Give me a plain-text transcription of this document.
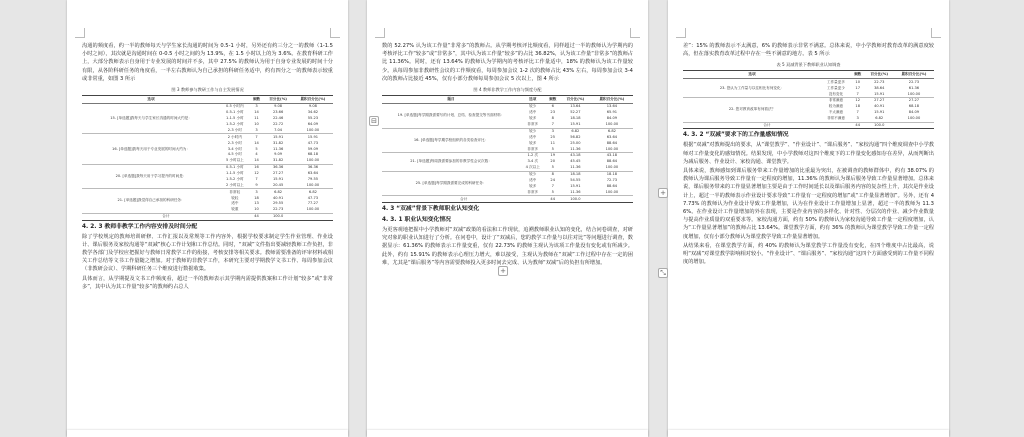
沟通的频度看，约一半的教师每天与学生家长沟通的时间为 0.5-1 小时，另外还有约三分之一的教师（1-1.5 小时之间），其次就是沟通时间在 0-0.5 小时之间的为 13.9%，在 1.5 小时以上的为 3.6%。在教育科研工作上，大部分教师表示自身用于专业发展的时间并不多，其中 27.5% 的教师认为用于自身专业发展的时间十分有限，从各阶科研任务的角度看，一半左右教师认为自己承担的科研任务适中，约有四分之一的教师表示较重或非常重，如图 3 所示

图 3 教师参与教研工作与自主发展情况
选项		频数	百分比(%)	累积百分比(%)
15. [单选题]我每天与学生家长沟通的时间大约是：	0.5 小时内	3	9.08	9.08
	0.5-1 小时	14	23.66	34.62
	1-1.5 小时	11	22.46	55.23
	1.5-2 小时	10	22.72	64.09
	2-3 小时	3	7.04	100.00
16. [单选题]我每天用于专业发展的时间大约为：	2 小时内	7	15.91	15.91
	2-3 小时	14	31.82	47.73
	3-4 小时	5	11.36	59.09
	4-5 小时	4	9.09	68.18
	5 小时以上	14	31.82	100.00
20. [单选题]我每天用于学习提升的时间是：	0.5-1 小时	16	36.36	36.36
	1-1.5 小时	12	27.27	63.64
	1.5-2 小时	7	15.91	79.55
	2 小时以上	9	20.45	100.00
21. [单选题]我觉得自己承担的科研任务：	非常轻	3	6.82	6.82
	较轻	18	40.91	47.73
	适中	13	29.55	77.27
	较重	10	22.73	100.00
合计		44	100.0	
4. 2. 3 教师非教学工作内容安排及时间分配

除了学校规定的教师培训研修、工作汇报以及常规等工作内容外，根据学校要求制定学生作业管理、作业设计、课后服务及家校沟通等“双减”核心工作计划和工作总结。同时，“双减”文件指出要减轻教师工作负担，非教学各部门及学校应把握好与教师日常教学工作的衔接，考核安排等相关要求。教师需要准备的评审材料或相关工作总结等文书工作量随之增加。对于教师的非教学工作，本研究主要对学期教学文书工作、每周参加会议（非教研会议）、学期科研任务三个维度进行数据收集。

具体而言，从学期提及文书工作频度看，超过一半的教师表示其学期内需提供教案和工作计划“较多”或“非常多”，其中认为其工作量“较多”的教师约占总人

数的 52.27% 认为该工作量“非常多”的教师占。从学期考核评比频度看，同样超过一半的教师认为学期内的考核评比工作“较多”或“非常多”，其中认为该工作量“较多”的占比 36.82%，认为该工作量“非常多”的教师占比 11.36%。同时，还有 13.64% 的教师认为学期内的考核评比工作量适中，18% 的教师认为该工作量较少。从每周参加非教研性会议的工作频度看，每周参加会议 1-2 次的教师占比 43% 左右，每周参加会议 3-4 次的教师占比接近 45%，仅有小部分教师每周参加会议 5 次以上，图 4 所示

图 4 教师非教学工作内容与频度分配
题目	选项	频数	百分比(%)	累积百分比(%)
19. [单选题]每学期我需要写的计划、总结、检查提交等书面材料：	较少	6	13.64	13.64
	适中	23	52.27	65.91
	较多	8	18.18	84.09
	非常多	7	15.91	100.00
16. [单选题]每学期学校组织的各类检查评比：	较少	3	6.82	6.82
	适中	25	56.82	63.64
	较多	11	25.00	88.64
	非常多	5	11.36	100.00
21. [单选题]每周我需要参加的非教学性会议次数：	1-2 次	19	43.18	43.18
	3-4 次	20	45.45	88.64
	4 次以上	5	11.36	100.00
25. [单选题]每学期我需要完成的科研任务：	较少	8	18.18	18.18
	适中	24	54.55	72.73
	较多	7	15.91	88.64
	非常多	5	11.36	100.00
合计		44	100.0	
4. 3 “双减”背景下教师职业认知变化
4. 3. 1 职业认知变化情况

为更客观地把握中小学教师对“双减”政策的看法和工作现状，追溯教师职业认知的变化，结合问卷调查，对研究对象的职业认知进行了分析。在问卷中，设计了“双减后，您的教学工作量与以往对比”等问题进行调查，数据显示：61.36% 的教师表示工作量变重，仅有 22.73% 的教师主观认为该项工作量没有变化或有所减少。此外，约有 15.91% 的教师表示心理压力增大，难以接受，主观认为教师在“双减”工作过程中存在一定的困难，尤其是“课后服务”等内容需要教师投入更多时间去完成、认为教师“双减”后的负担有所增加。

差”：15% 的教师表示不太满意，6% 的教师表示非常不满意。总体来说，中小学教师对教育改革的满意度较高，但在落实教育改革过程中存在一些不满意的地方。表 5 所示

表 5 双减背景下教师职业认知调查
选项		频数	百分比(%)	累积百分比(%)
23. 您认为工作量与以往相比有何变化：	工作量更多	10	22.73	22.73
	工作量更少	17	38.64	61.36
	没有变化	7	15.91	100.00
22. 您对教育改革有何看法？	非常满意	12	27.27	27.27
	较为满意	18	40.91	68.18
	不太满意	7	15.91	84.09
	非常不满意	3	6.82	100.00
合计		44	100.0	
4. 3. 2 “双减”要求下的工作量感知情况

根据“双减”对教师提出的要求，从“课堂教学”、“作业设计”、“课后服务”、“家校沟通”四个维度调查中小学教师对工作量变化的感知情况。结果发现，中小学教师对这四个维度下的工作量变化感知存在差异，从而判断出为减后服务、作业设计、家校沟通、课堂教学。

具体来说，教师感知到课后服务带来工作量增加的比重最为突出，在被调查的教师群体中，约有 38.07% 的教师认为课后服务导致工作量有一定程度的增加，11.36% 的教师认为课后服务导致工作量显著增加。总体来说，课后服务带来的工作量显著增加主要是由于工作时间延长以及课后服务内容的复杂性上升，其次是作业设计上，超过一半的教师表示作业设计要求导致“工作量有一定程度的增加”或“工作量显著增加”。另外，还有 47.73% 的教师认为作业设计导致工作量增加，认为在作业设计工作量增加上显著，超过一半的教师为 11.36%。在作业设计工作量增加的外在表现，主要是作业内容的多样化、针对性、分层次的作业、减少作业数量与提高作业质量的双重要求等。家校沟通方面，约有 50% 的教师认为家校沟通导致工作量一定程度增加，认为“工作量显著增加”的教师占比 13.64%。课堂教学方面，约有 36% 的教师认为课堂教学导致工作量一定程度增加，仅有小部分教师认为课堂教学导致工作量显著增加。

从结果来看，在课堂教学方面，约 40% 的教师认为课堂教学工作量没有变化，在四个维度中占比最高，说明“双减”对课堂教学影响相对较小。“作业设计”、“课后服务”、“家校沟通”这四个方面感受到的工作量不同程度的增加。

⊟
+
+
⤡
